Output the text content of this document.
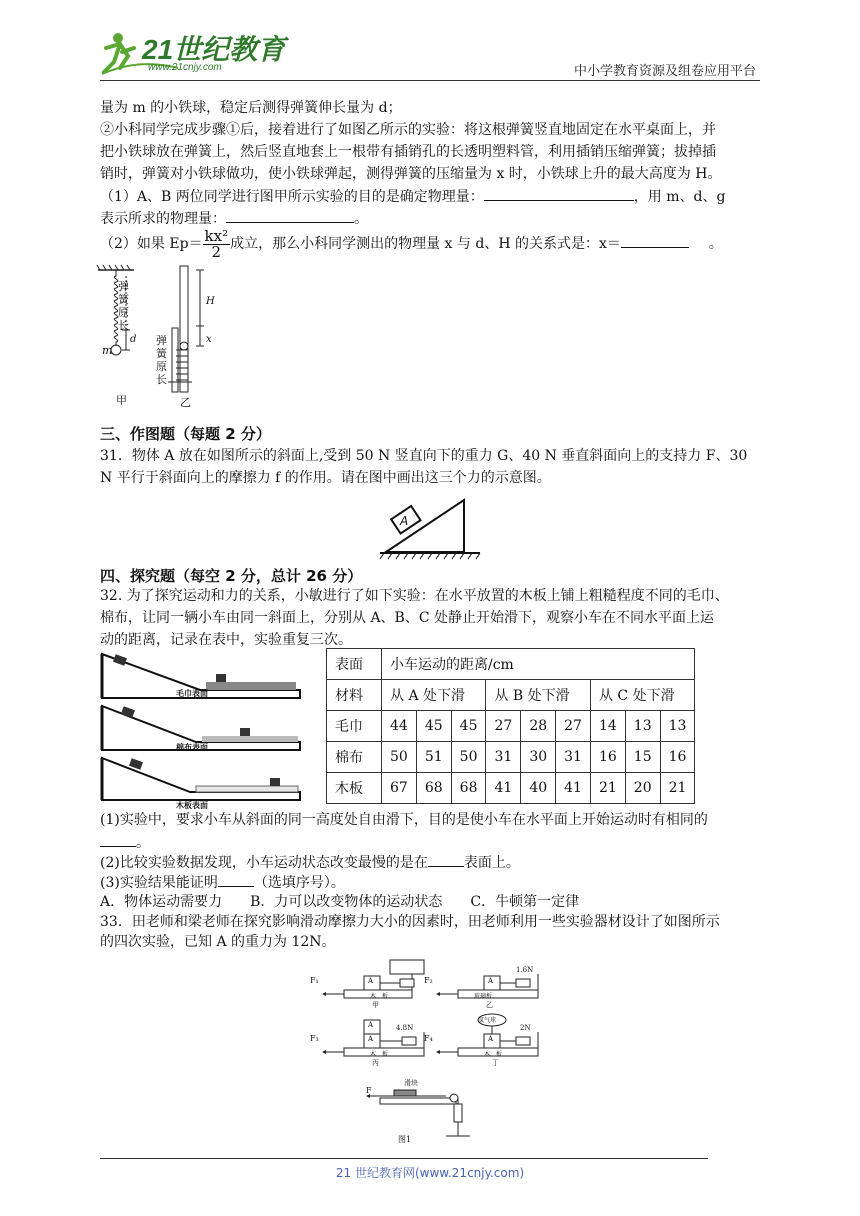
21世纪教育
www.21cnjy.com	中小学教育资源及组卷应用平台
量为 m 的小铁球，稳定后测得弹簧伸长量为 d；
②小科同学完成步骤①后，接着进行了如图乙所示的实验：将这根弹簧竖直地固定在水平桌面上，并
把小铁球放在弹簧上，然后竖直地套上一根带有插销孔的长透明塑料管，利用插销压缩弹簧；拔掉插
销时，弹簧对小铁球做功，使小铁球弹起，测得弹簧的压缩量为 x 时，小铁球上升的最大高度为 H。
（1）A、B 两位同学进行图甲所示实验的目的是确定物理量：	，用 m、d、g
表示所求的物理量：	。
（2）如果 $Ep= \frac{\text{kx²}}{2}$ 成立，那么小科同学测出的物理量 x 与 d、H 的关系式是：x＝	。
弹
簧
原
长
弹
簧
原
长
m
d
H
x
甲	乙
三、作图题（每题 2 分）
31．物体 A 放在如图所示的斜面上,受到 50 N 竖直向下的重力 G、40 N 垂直斜面向上的支持力 F、30
N 平行于斜面向上的摩擦力 f 的作用。请在图中画出这三个力的示意图。
A
四、探究题（每空 2 分，总计 26 分）
32. 为了探究运动和力的关系，小敏进行了如下实验：在水平放置的木板上铺上粗糙程度不同的毛巾、
棉布，让同一辆小车由同一斜面上，分别从 A、B、C 处静止开始滑下，观察小车在不同水平面上运
动的距离，记录在表中，实验重复三次。
毛巾表面
棉布表面
木板表面
表面	小车运动的距离/cm								
材料	从 A 处下滑			从 B 处下滑			从 C 处下滑		
毛巾	44	45	45	27	28	27	14	13	13
棉布	50	51	50	31	30	31	16	15	16
木板	67	68	68	41	40	41	21	20	21
(1)实验中，要求小车从斜面的同一高度处自由滑下，目的是使小车在水平面上开始运动时有相同的
。
(2)比较实验数据发现，小车运动状态改变最慢的是在	表面上。
(3)实验结果能证明	（选填序号）。
A．物体运动需要力　　B．力可以改变物体的运动状态　　C．牛顿第一定律
33．田老师和梁老师在探究影响滑动摩擦力大小的因素时，田老师利用一些实验器材设计了如图所示
的四次实验，已知 A 的重力为 12N。
F₁	F₂
F₃	F₄
F
1.6N
4.8N	2N
A	A
A
A	A
氢气球
木　板	玻璃板
木　板	木　板
甲	乙
丙	丁
滑块
图1
21 世纪教育网(www.21cnjy.com)
